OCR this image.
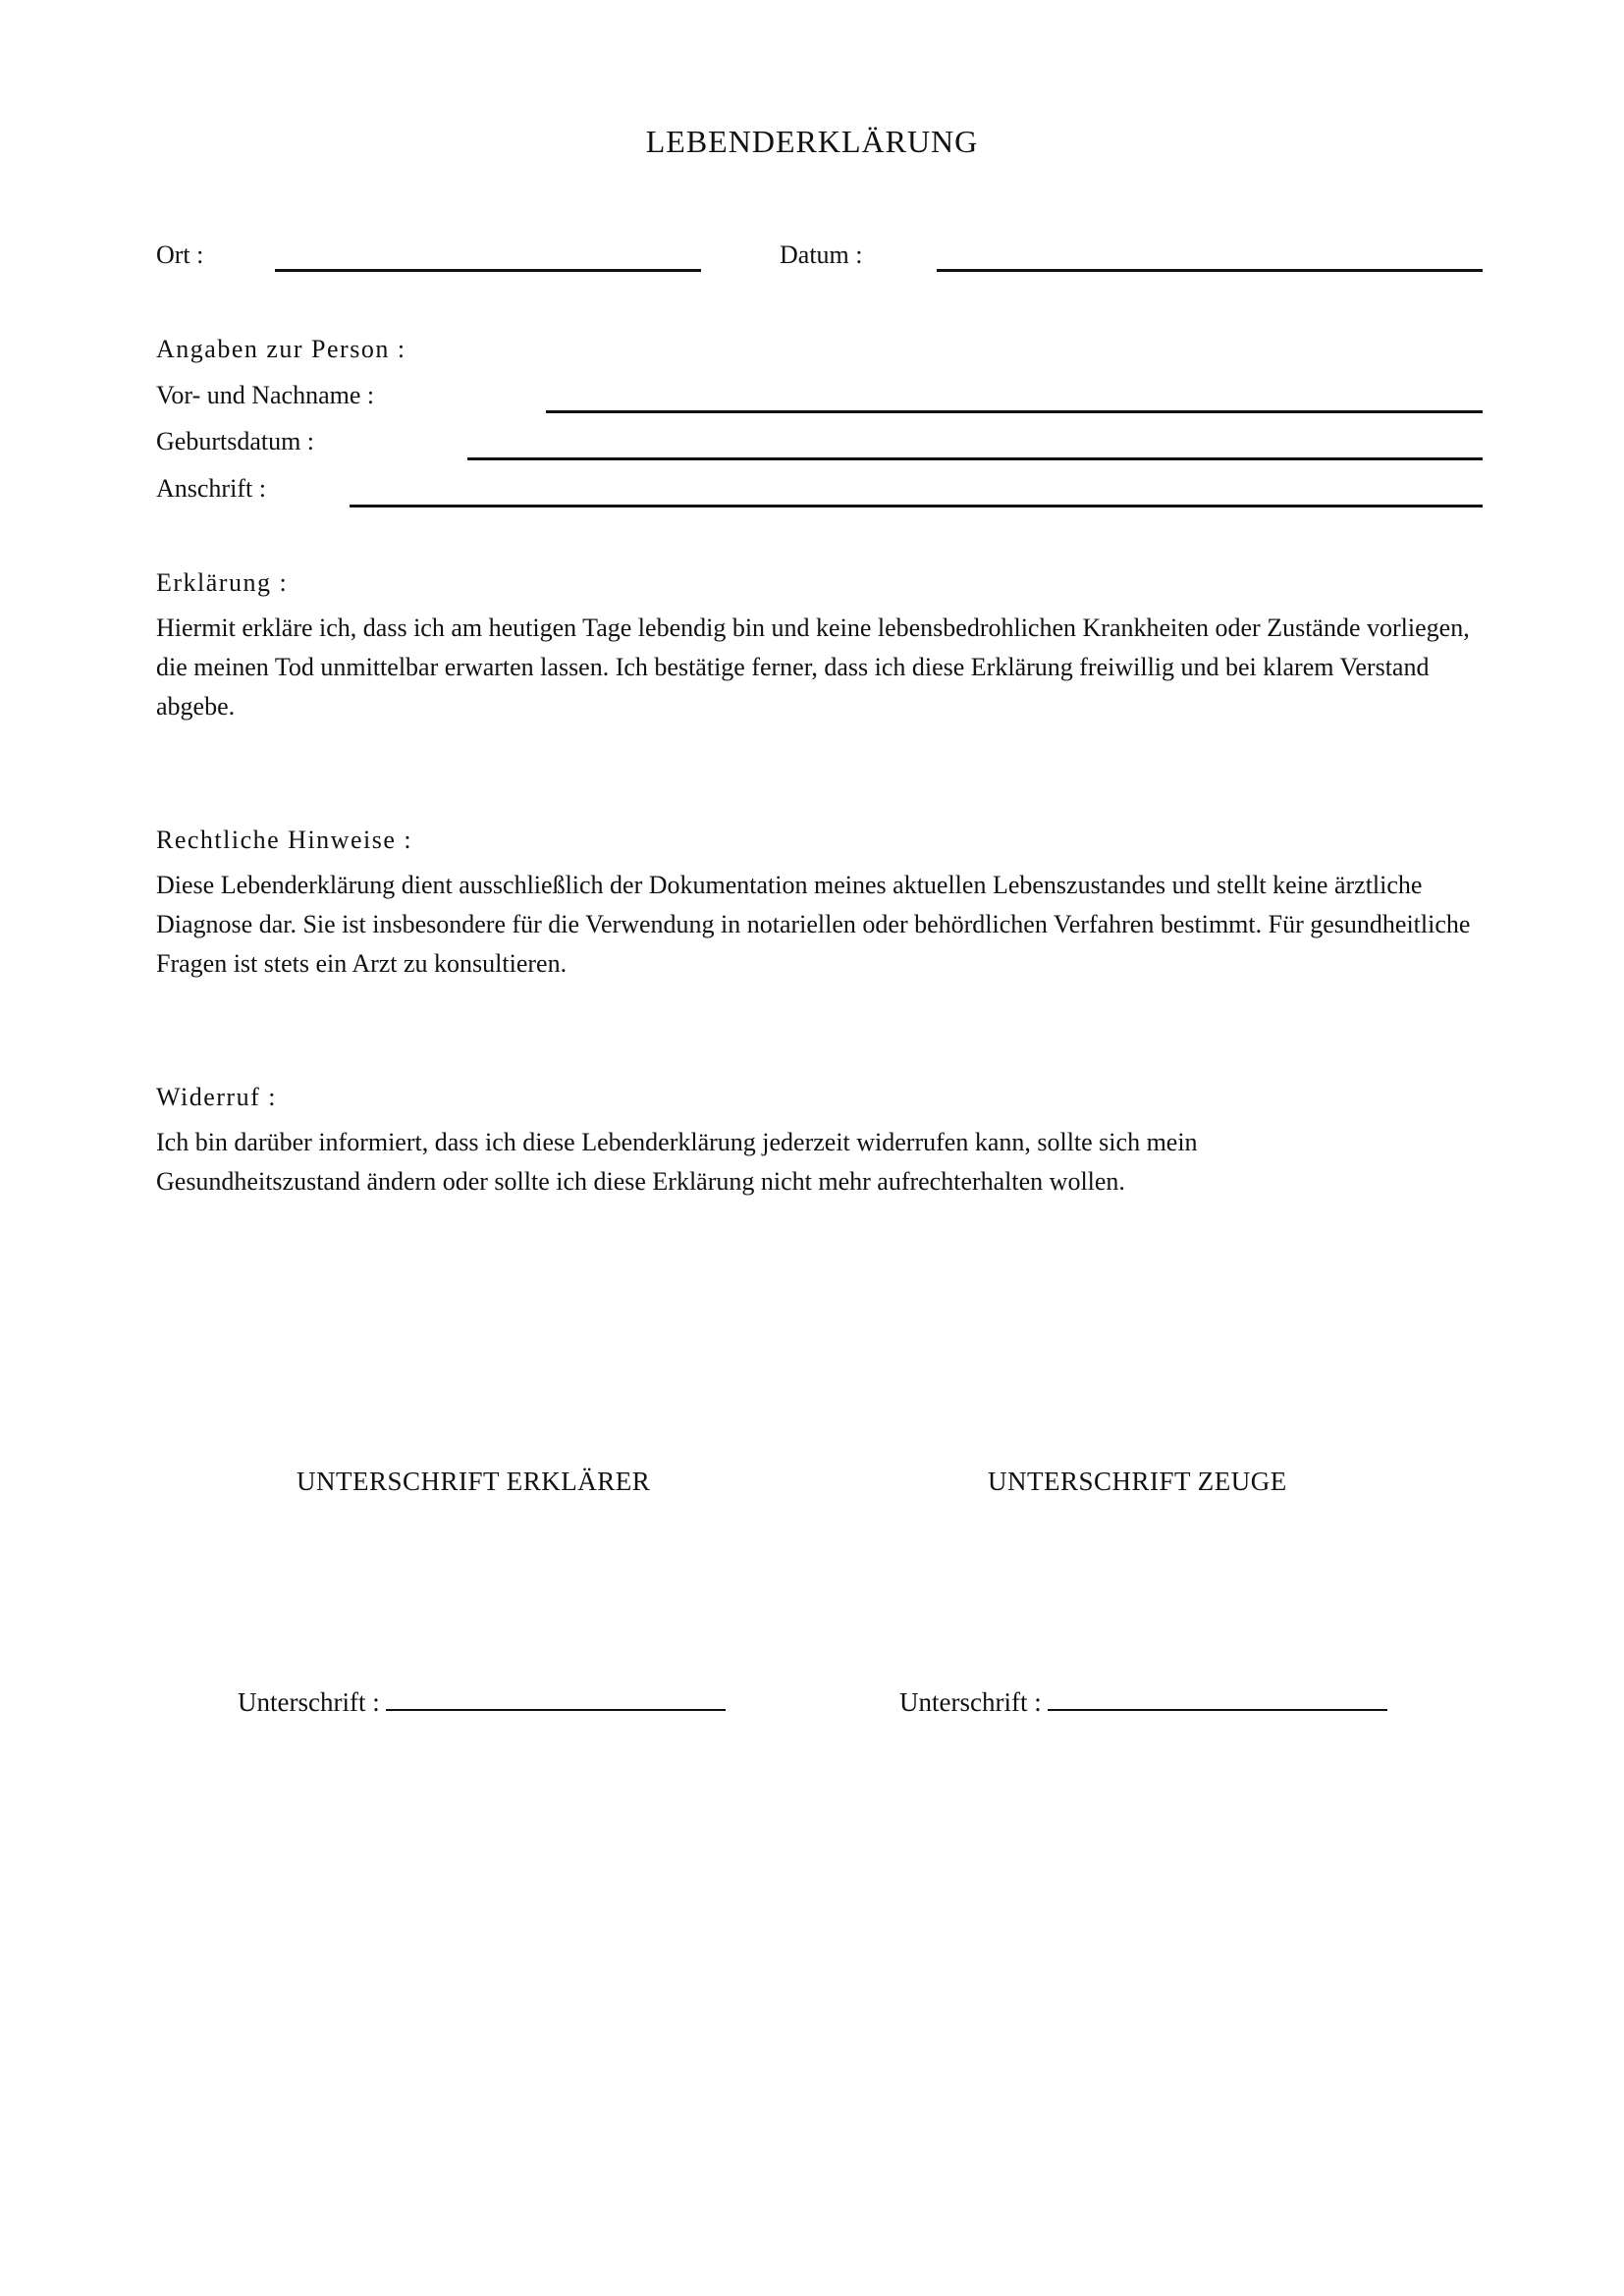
LEBENDERKLÄRUNG
Ort :	Datum :
Angaben zur Person :
Vor- und Nachname :
Geburtsdatum :
Anschrift :
Erklärung :
Hiermit erkläre ich, dass ich am heutigen Tage lebendig bin und keine lebensbedrohlichen Krankheiten oder Zustände vorliegen, die meinen Tod unmittelbar erwarten lassen. Ich bestätige ferner, dass ich diese Erklärung freiwillig und bei klarem Verstand abgebe.
Rechtliche Hinweise :
Diese Lebenderklärung dient ausschließlich der Dokumentation meines aktuellen Lebenszustandes und stellt keine ärztliche Diagnose dar. Sie ist insbesondere für die Verwendung in notariellen oder behördlichen Verfahren bestimmt. Für gesundheitliche Fragen ist stets ein Arzt zu konsultieren.
Widerruf :
Ich bin darüber informiert, dass ich diese Lebenderklärung jederzeit widerrufen kann, sollte sich mein Gesundheitszustand ändern oder sollte ich diese Erklärung nicht mehr aufrechterhalten wollen.
UNTERSCHRIFT ERKLÄRER	UNTERSCHRIFT ZEUGE
Unterschrift :	Unterschrift :
